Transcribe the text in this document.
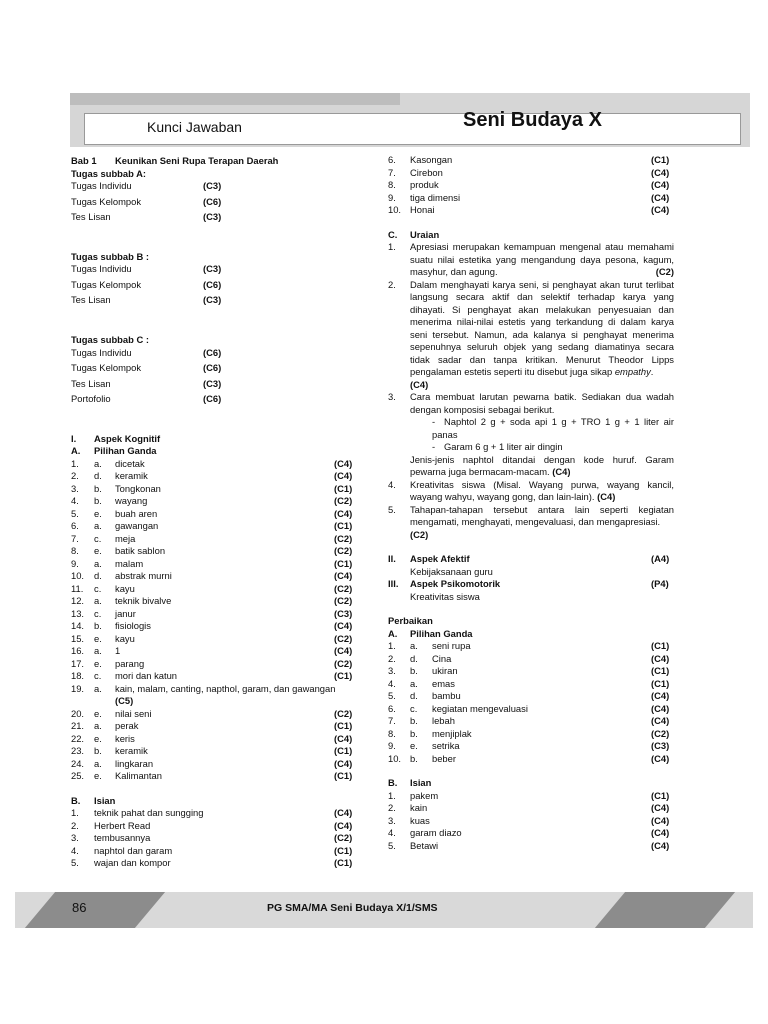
Kunci Jawaban	Seni Budaya X
Bab 1 Keunikan Seni Rupa Terapan Daerah
Tugas subbab A:
Tugas Individu	(C3)
Tugas Kelompok	(C6)
Tes Lisan	(C3)
Tugas subbab B :
Tugas Individu	(C3)
Tugas Kelompok	(C6)
Tes Lisan	(C3)
Tugas subbab C :
Tugas Individu	(C6)
Tugas Kelompok	(C6)
Tes Lisan	(C3)
Portofolio	(C6)
I. Aspek Kognitif
A. Pilihan Ganda
1. a. dicetak	(C4)
2. d. keramik	(C4)
3. b. Tongkonan	(C1)
4. b. wayang	(C2)
5. e. buah aren	(C4)
6. a. gawangan	(C1)
7. c. meja	(C2)
8. e. batik sablon	(C2)
9. a. malam	(C1)
10. d. abstrak murni	(C4)
11. c. kayu	(C2)
12. a. teknik bivalve	(C2)
13. c. janur	(C3)
14. b. fisiologis	(C4)
15. e. kayu	(C2)
16. a. 1	(C4)
17. e. parang	(C2)
18. c. mori dan katun	(C1)
19. a. kain, malam, canting, napthol, garam, dan gawangan
(C5)
20. e. nilai seni	(C2)
21. a. perak	(C1)
22. e. keris	(C4)
23. b. keramik	(C1)
24. a. lingkaran	(C4)
25. e. Kalimantan	(C1)
B. Isian
1. teknik pahat dan sungging	(C4)
2. Herbert Read	(C4)
3. tembusannya	(C2)
4. naphtol dan garam	(C1)
5. wajan dan kompor	(C1)
6. Kasongan	(C1)
7. Cirebon	(C4)
8. produk	(C4)
9. tiga dimensi	(C4)
10. Honai	(C4)
C. Uraian
1. Apresiasi merupakan kemampuan mengenal atau memahami suatu nilai estetika yang mengandung daya pesona, kagum, masyhur, dan agung.	(C2)
2. Dalam menghayati karya seni, si penghayat akan turut terlibat langsung secara aktif dan selektif terhadap karya yang dihayati. Si penghayat akan melakukan penyesuaian dan menerima nilai-nilai estetis yang terkandung di dalam karya seni tersebut. Namun, ada kalanya si penghayat menerima sepenuhnya seluruh objek yang sedang diamatinya secara tidak sadar dan tanpa kritikan. Menurut Theodor Lipps pengalaman estetis seperti itu disebut juga sikap empathy.
(C4)
3. Cara membuat larutan pewarna batik. Sediakan dua wadah dengan komposisi sebagai berikut.
- Naphtol 2 g + soda api 1 g + TRO 1 g + 1 liter air panas
- Garam 6 g + 1 liter air dingin
Jenis-jenis naphtol ditandai dengan kode huruf. Garam pewarna juga bermacam-macam. (C4)
4. Kreativitas siswa (Misal. Wayang purwa, wayang kancil, wayang wahyu, wayang gong, dan lain-lain). (C4)
5. Tahapan-tahapan tersebut antara lain seperti kegiatan mengamati, menghayati, mengevaluasi, dan mengapresiasi.
(C2)
II. Aspek Afektif	(A4)
Kebijaksanaan guru
III. Aspek Psikomotorik	(P4)
Kreativitas siswa
Perbaikan
A. Pilihan Ganda
1. a. seni rupa	(C1)
2. d. Cina	(C4)
3. b. ukiran	(C1)
4. a. emas	(C1)
5. d. bambu	(C4)
6. c. kegiatan mengevaluasi	(C4)
7. b. lebah	(C4)
8. b. menjiplak	(C2)
9. e. setrika	(C3)
10. b. beber	(C4)
B. Isian
1. pakem	(C1)
2. kain	(C4)
3. kuas	(C4)
4. garam diazo	(C4)
5. Betawi	(C4)
86	PG SMA/MA Seni Budaya X/1/SMS
